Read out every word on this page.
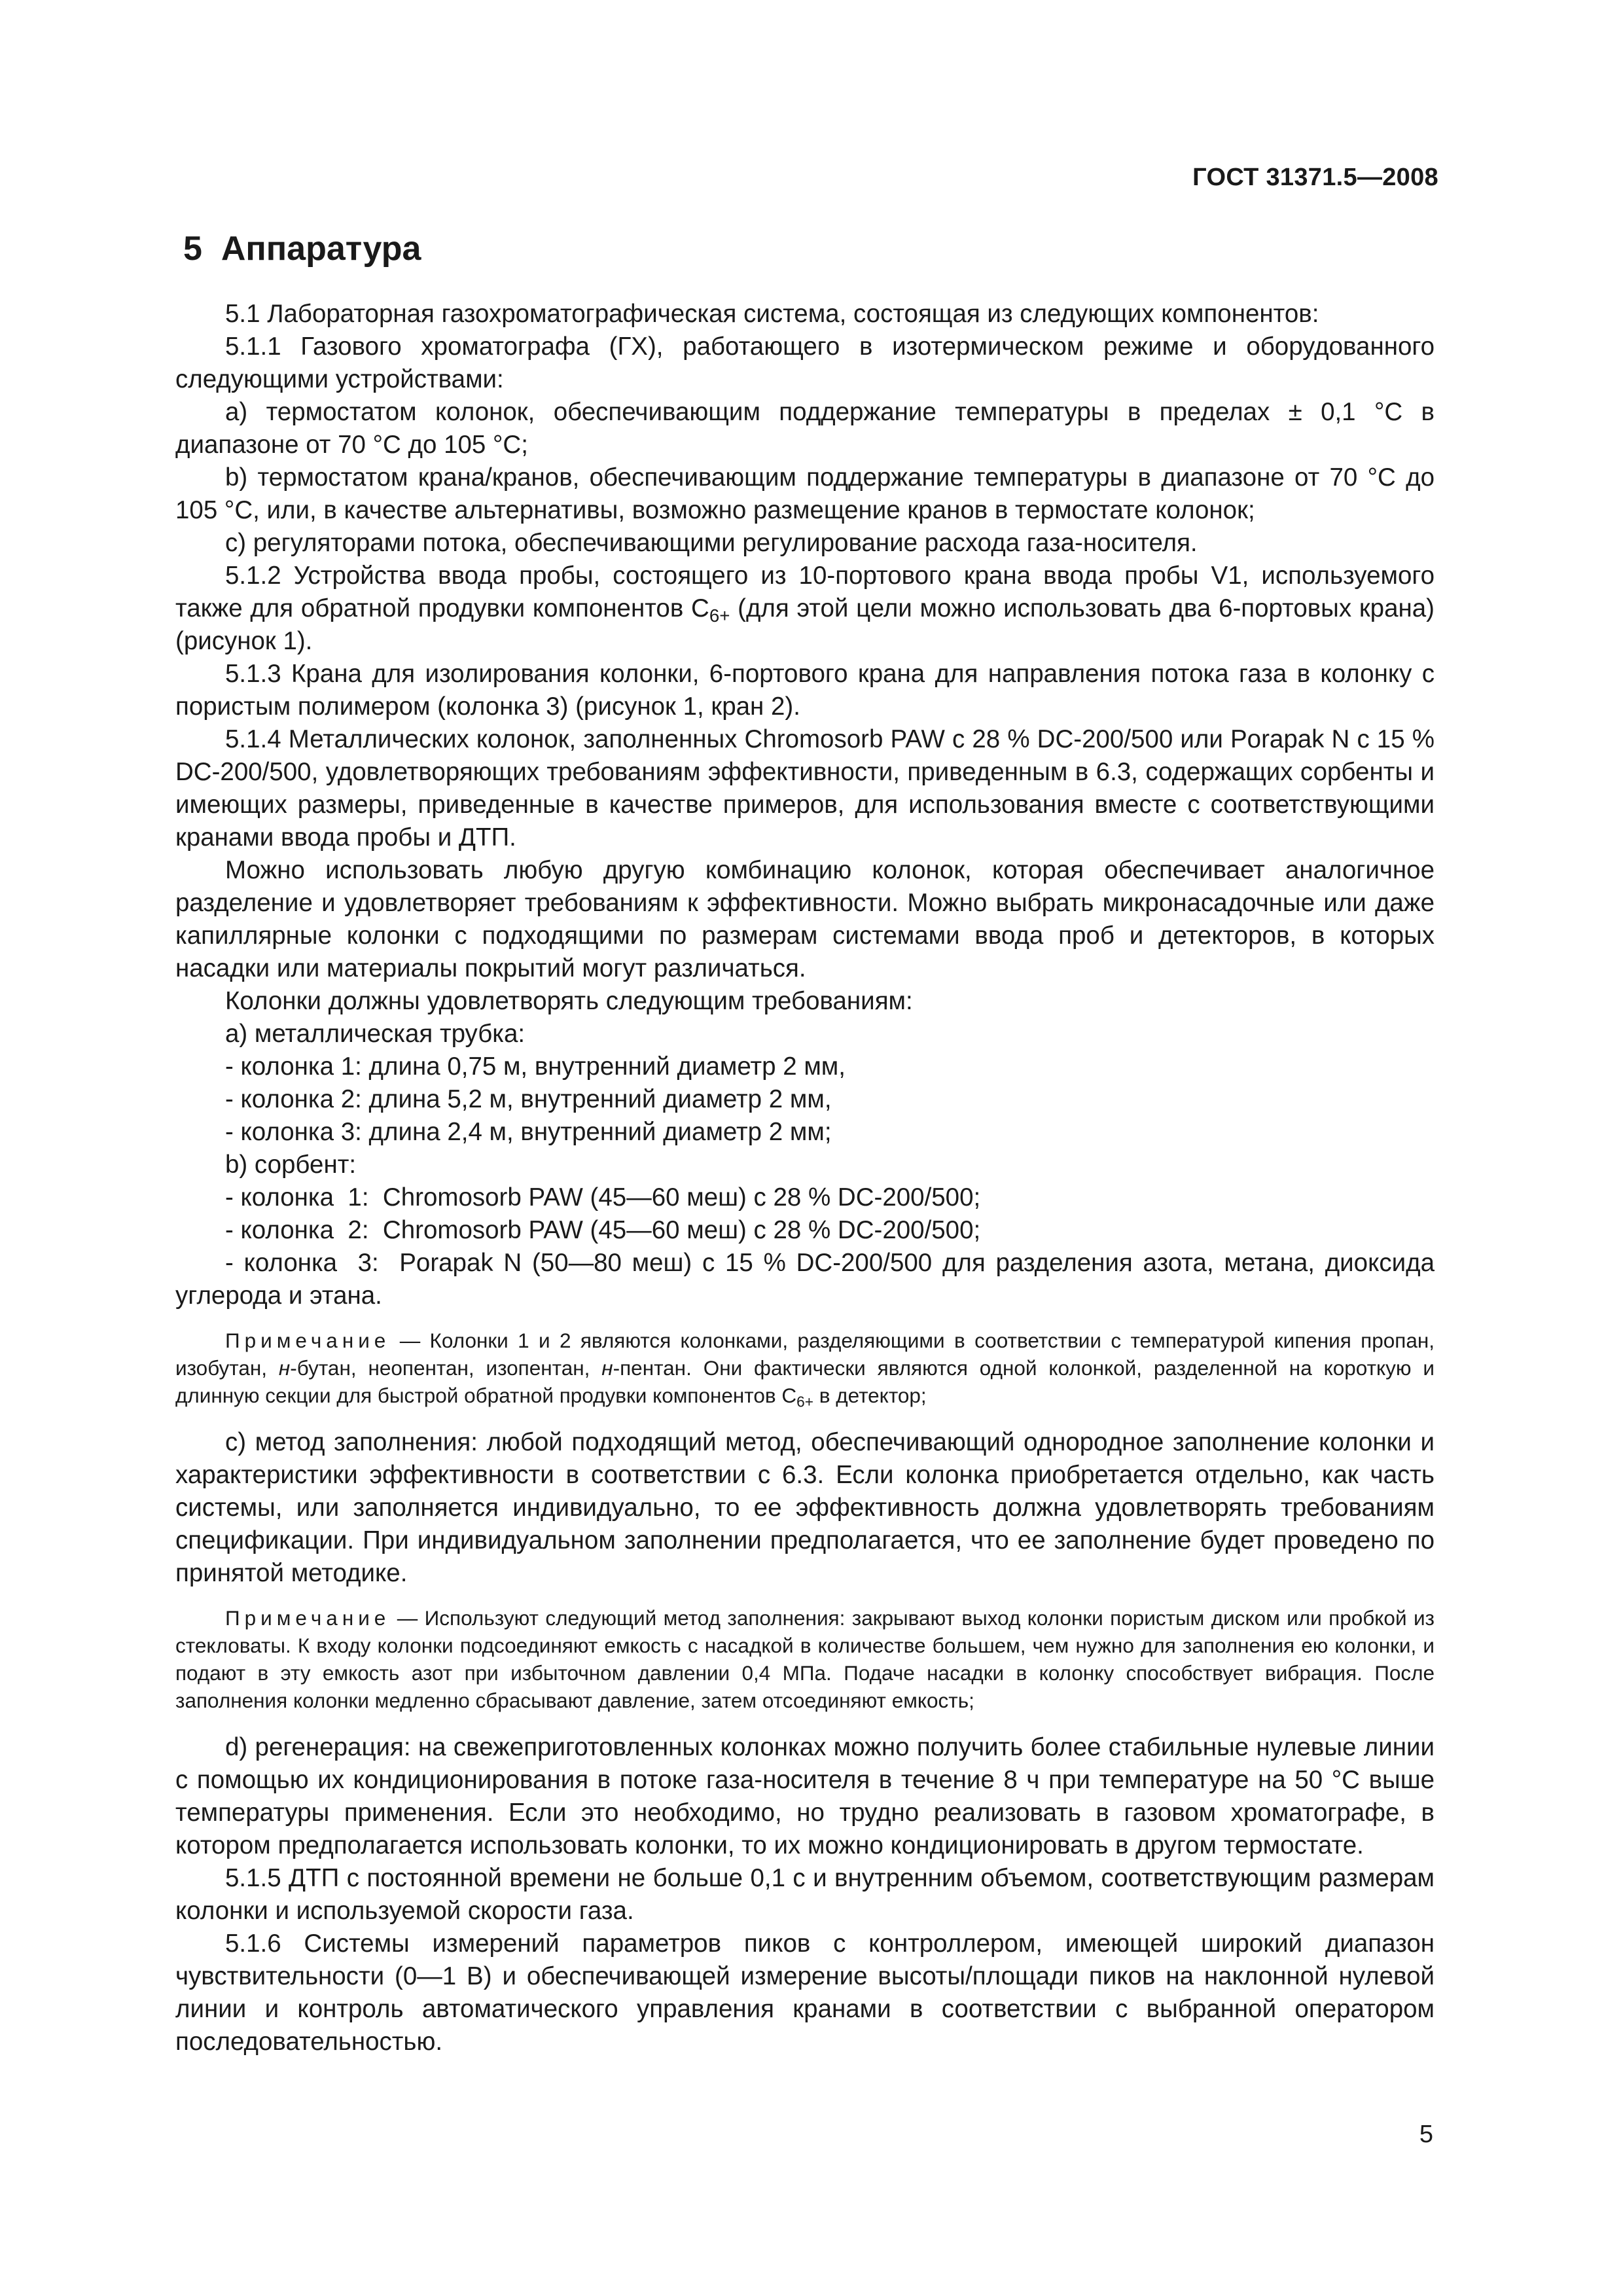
ГОСТ 31371.5—2008
5  Аппаратура

5.1 Лабораторная газохроматографическая система, состоящая из следующих компонентов:

5.1.1 Газового хроматографа (ГХ), работающего в изотермическом режиме и оборудованного следующими устройствами:

a) термостатом колонок, обеспечивающим поддержание температуры в пределах ± 0,1 °С в диапазоне от 70 °С до 105 °С;

b) термостатом крана/кранов, обеспечивающим поддержание температуры в диапазоне от 70 °С до 105 °С, или, в качестве альтернативы, возможно размещение кранов в термостате колонок;

c) регуляторами потока, обеспечивающими регулирование расхода газа-носителя.

5.1.2 Устройства ввода пробы, состоящего из 10-портового крана ввода пробы V1, используемого также для обратной продувки компонентов $C_{6+}$ (для этой цели можно использовать два 6-портовых крана) (рисунок 1).

5.1.3 Крана для изолирования колонки, 6-портового крана для направления потока газа в колонку с пористым полимером (колонка 3) (рисунок 1, кран 2).

5.1.4 Металлических колонок, заполненных Chromosorb PAW с 28 % DC-200/500 или Porapak N с 15 % DC-200/500, удовлетворяющих требованиям эффективности, приведенным в 6.3, содержащих сорбенты и имеющих размеры, приведенные в качестве примеров, для использования вместе с соответствующими кранами ввода пробы и ДТП.

Можно использовать любую другую комбинацию колонок, которая обеспечивает аналогичное разделение и удовлетворяет требованиям к эффективности. Можно выбрать микронасадочные или даже капиллярные колонки с подходящими по размерам системами ввода проб и детекторов, в которых насадки или материалы покрытий могут различаться.

Колонки должны удовлетворять следующим требованиям:

a) металлическая трубка:

- колонка 1: длина 0,75 м, внутренний диаметр 2 мм,

- колонка 2: длина 5,2 м, внутренний диаметр 2 мм,

- колонка 3: длина 2,4 м, внутренний диаметр 2 мм;

b) сорбент:

- колонка  1:  Chromosorb PAW (45—60 меш) с 28 % DC-200/500;

- колонка  2:  Chromosorb PAW (45—60 меш) с 28 % DC-200/500;

- колонка  3:  Porapak N (50—80 меш) с 15 % DC-200/500 для разделения азота, метана, диоксида углерода и этана.

Примечание — Колонки 1 и 2 являются колонками, разделяющими в соответствии с температурой кипения пропан, изобутан, н-бутан, неопентан, изопентан, н-пентан. Они фактически являются одной колонкой, разделенной на короткую и длинную секции для быстрой обратной продувки компонентов $C_{6+}$ в детектор;

c) метод заполнения: любой подходящий метод, обеспечивающий однородное заполнение колонки и характеристики эффективности в соответствии с 6.3. Если колонка приобретается отдельно, как часть системы, или заполняется индивидуально, то ее эффективность должна удовлетворять требованиям спецификации. При индивидуальном заполнении предполагается, что ее заполнение будет проведено по принятой методике.

Примечание — Используют следующий метод заполнения: закрывают выход колонки пористым диском или пробкой из стекловаты. К входу колонки подсоединяют емкость с насадкой в количестве большем, чем нужно для заполнения ею колонки, и подают в эту емкость азот при избыточном давлении 0,4 МПа. Подаче насадки в колонку способствует вибрация. После заполнения колонки медленно сбрасывают давление, затем отсоединяют емкость;

d) регенерация: на свежеприготовленных колонках можно получить более стабильные нулевые линии с помощью их кондиционирования в потоке газа-носителя в течение 8 ч при температуре на 50 °С выше температуры применения. Если это необходимо, но трудно реализовать в газовом хроматографе, в котором предполагается использовать колонки, то их можно кондиционировать в другом термостате.

5.1.5 ДТП с постоянной времени не больше 0,1 с и внутренним объемом, соответствующим размерам колонки и используемой скорости газа.

5.1.6 Системы измерений параметров пиков с контроллером, имеющей широкий диапазон чувствительности (0—1 В) и обеспечивающей измерение высоты/площади пиков на наклонной нулевой линии и контроль автоматического управления кранами в соответствии с выбранной оператором последовательностью.

5
